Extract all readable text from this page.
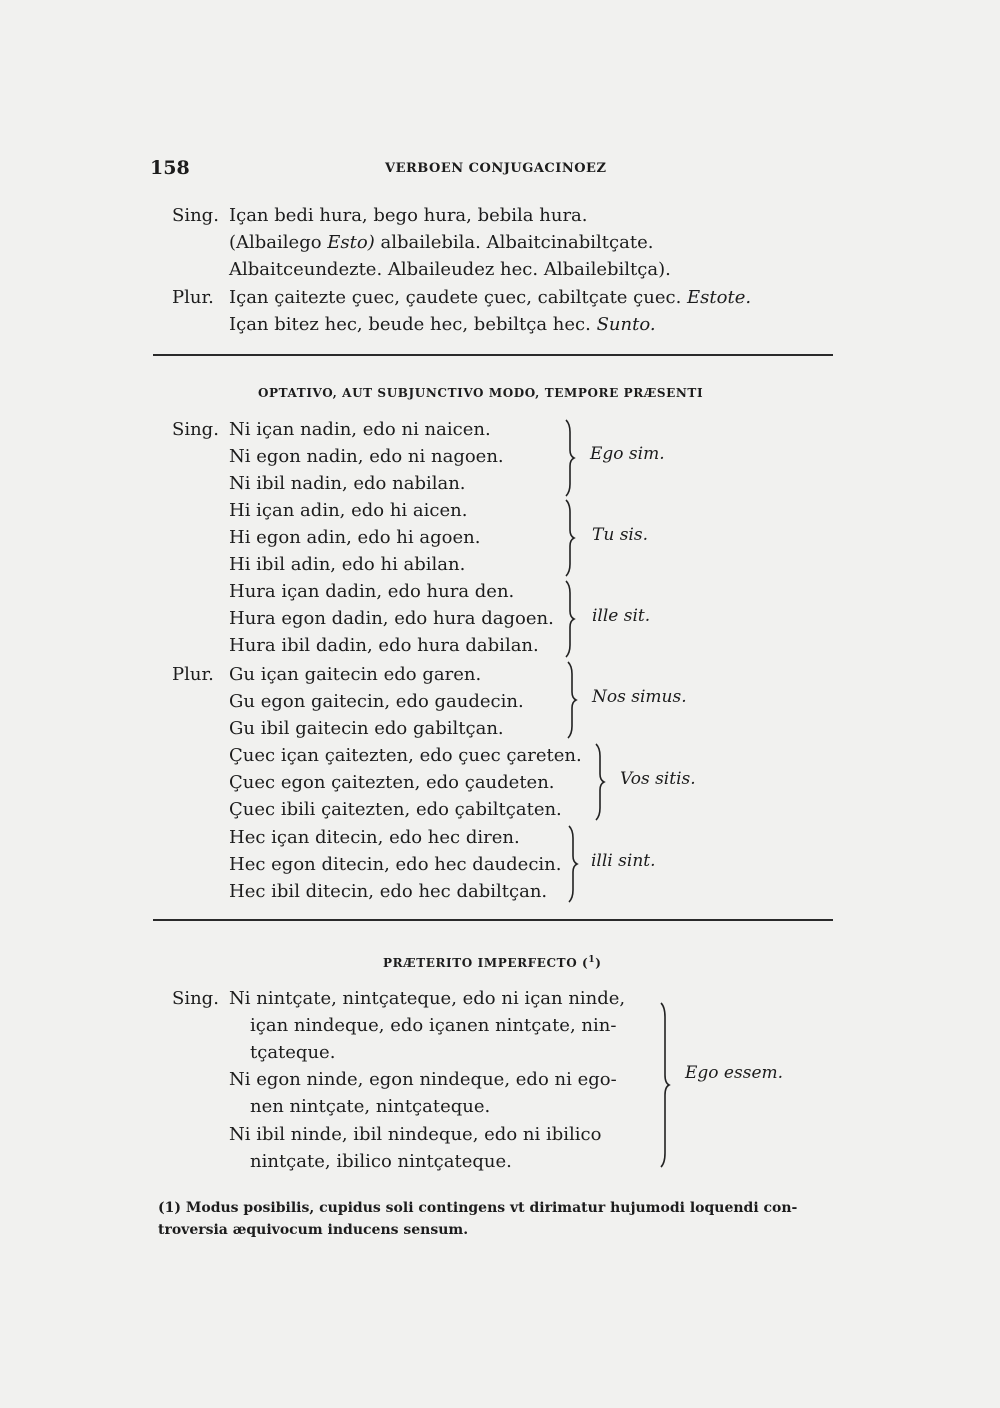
158	VERBOEN CONJUGACINOEZ
Sing. Içan bedi hura, bego hura, bebila hura.
(Albailego Esto) albailebila. Albaitcinabiltçate.
Albaitceundezte. Albaileudez hec. Albailebiltça).
Plur. Içan çaitezte çuec, çaudete çuec, cabiltçate çuec. Estote.
Içan bitez hec, beude hec, bebiltça hec. Sunto.
OPTATIVO, AUT SUBJUNCTIVO MODO, TEMPORE PRÆSENTI
Sing. Ni içan nadin, edo ni naicen.
Ni egon nadin, edo ni nagoen.
Ni ibil nadin, edo nabilan.
Hi içan adin, edo hi aicen.
Hi egon adin, edo hi agoen.
Hi ibil adin, edo hi abilan.
Hura içan dadin, edo hura den.
Hura egon dadin, edo hura dagoen.
Hura ibil dadin, edo hura dabilan.
Plur. Gu içan gaitecin edo garen.
Gu egon gaitecin, edo gaudecin.
Gu ibil gaitecin edo gabiltçan.
Çuec içan çaitezten, edo çuec çareten.
Çuec egon çaitezten, edo çaudeten.
Çuec ibili çaitezten, edo çabiltçaten.
Hec içan ditecin, edo hec diren.
Hec egon ditecin, edo hec daudecin.
Hec ibil ditecin, edo hec dabiltçan.
Ego sim.
Tu sis.
ille sit.
Nos simus.
Vos sitis.
illi sint.
PRÆTERITO IMPERFECTO ($^1$)
Sing. Ni nintçate, nintçateque, edo ni içan ninde,
içan nindeque, edo içanen nintçate, nin-
tçateque.
Ni egon ninde, egon nindeque, edo ni ego-
nen nintçate, nintçateque.
Ni ibil ninde, ibil nindeque, edo ni ibilico
nintçate, ibilico nintçateque.
Ego essem.
(1) Modus posibilis, cupidus soli contingens vt dirimatur hujumodi loquendi con-
troversia æquivocum inducens sensum.
